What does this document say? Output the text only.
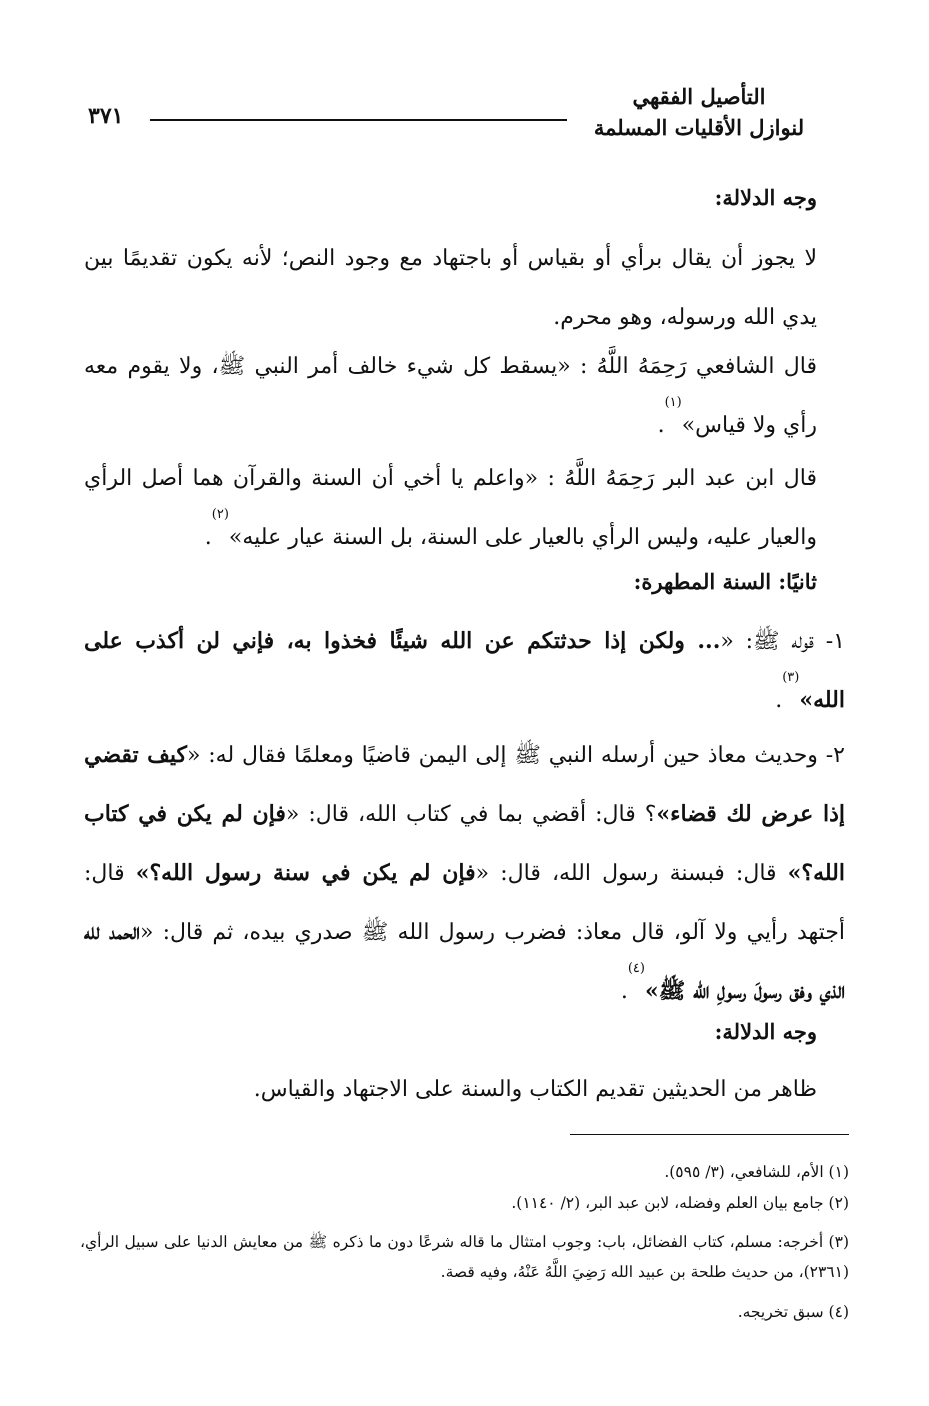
التأصيل الفقهي
لنوازل الأقليات المسلمة
٣٧١
وجه الدلالة:
لا يجوز أن يقال برأي أو بقياس أو باجتهاد مع وجود النص؛ لأنه يكون تقديمًا بين يدي الله ورسوله، وهو محرم.
قال الشافعي رَحِمَهُ اللَّهُ : «يسقط كل شيء خالف أمر النبي ﷺ، ولا يقوم معه رأي ولا قياس»$^{(١)}$.
قال ابن عبد البر رَحِمَهُ اللَّهُ : «واعلم يا أخي أن السنة والقرآن هما أصل الرأي والعيار عليه، وليس الرأي بالعيار على السنة، بل السنة عيار عليه»$^{(٢)}$.
ثانيًا: السنة المطهرة:
١- قوله ﷺ: «... ولكن إذا حدثتكم عن الله شيئًا فخذوا به، فإني لن أكذب على الله»$^{(٣)}$.
٢- وحديث معاذ حين أرسله النبي ﷺ إلى اليمن قاضيًا ومعلمًا فقال له: «كيف تقضي إذا عرض لك قضاء»؟ قال: أقضي بما في كتاب الله، قال: «فإن لم يكن في كتاب الله؟» قال: فبسنة رسول الله، قال: «فإن لم يكن في سنة رسول الله؟» قال: أجتهد رأيي ولا آلو، قال معاذ: فضرب رسول الله ﷺ صدري بيده، ثم قال: «الحمد لله الذي وفق رسولَ رسولِ الله ﷺ»$^{(٤)}$.
وجه الدلالة:
ظاهر من الحديثين تقديم الكتاب والسنة على الاجتهاد والقياس.
(١) الأم، للشافعي، (٣/ ٥٩٥).
(٢) جامع بيان العلم وفضله، لابن عبد البر، (٢/ ١١٤٠).
(٣) أخرجه: مسلم، كتاب الفضائل، باب: وجوب امتثال ما قاله شرعًا دون ما ذكره ﷺ من معايش الدنيا على سبيل الرأي، (٢٣٦١)، من حديث طلحة بن عبيد الله رَضِيَ اللَّهُ عَنْهُ، وفيه قصة.
(٤) سبق تخريجه.
